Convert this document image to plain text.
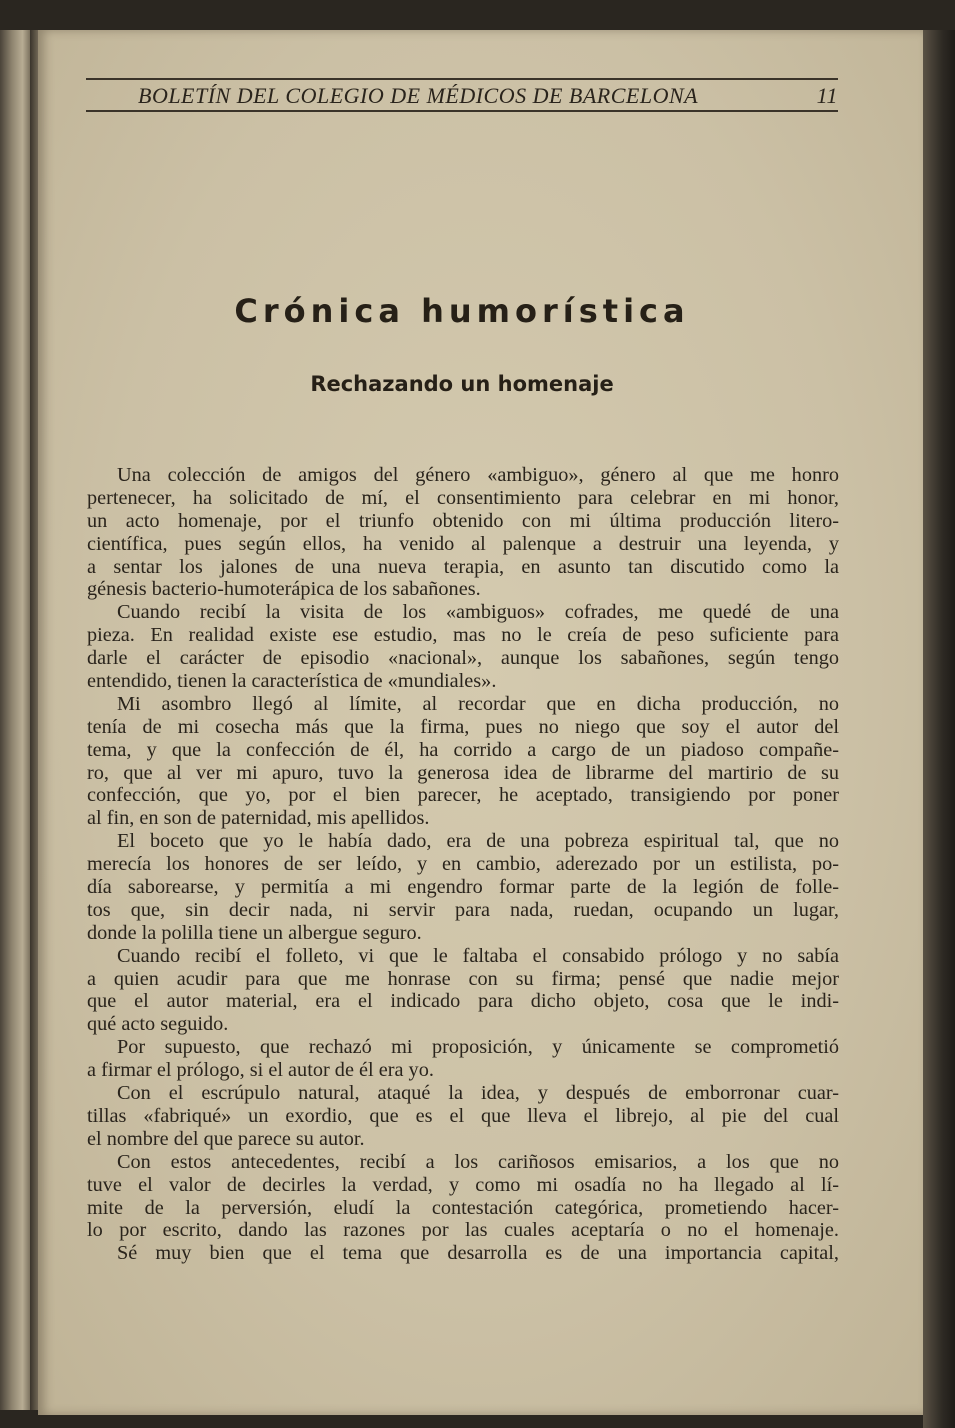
BOLETÍN DEL COLEGIO DE MÉDICOS DE BARCELONA	11
Crónica humorística
Rechazando un homenaje
Una colección de amigos del género «ambiguo», género al que me honro
pertenecer, ha solicitado de mí, el consentimiento para celebrar en mi honor,
un acto homenaje, por el triunfo obtenido con mi última producción litero-
científica, pues según ellos, ha venido al palenque a destruir una leyenda, y
a sentar los jalones de una nueva terapia, en asunto tan discutido como la
génesis bacterio-humoterápica de los sabañones.
Cuando recibí la visita de los «ambiguos» cofrades, me quedé de una
pieza. En realidad existe ese estudio, mas no le creía de peso suficiente para
darle el carácter de episodio «nacional», aunque los sabañones, según tengo
entendido, tienen la característica de «mundiales».
Mi asombro llegó al límite, al recordar que en dicha producción, no
tenía de mi cosecha más que la firma, pues no niego que soy el autor del
tema, y que la confección de él, ha corrido a cargo de un piadoso compañe-
ro, que al ver mi apuro, tuvo la generosa idea de librarme del martirio de su
confección, que yo, por el bien parecer, he aceptado, transigiendo por poner
al fin, en son de paternidad, mis apellidos.
El boceto que yo le había dado, era de una pobreza espiritual tal, que no
merecía los honores de ser leído, y en cambio, aderezado por un estilista, po-
día saborearse, y permitía a mi engendro formar parte de la legión de folle-
tos que, sin decir nada, ni servir para nada, ruedan, ocupando un lugar,
donde la polilla tiene un albergue seguro.
Cuando recibí el folleto, vi que le faltaba el consabido prólogo y no sabía
a quien acudir para que me honrase con su firma; pensé que nadie mejor
que el autor material, era el indicado para dicho objeto, cosa que le indi-
qué acto seguido.
Por supuesto, que rechazó mi proposición, y únicamente se comprometió
a firmar el prólogo, si el autor de él era yo.
Con el escrúpulo natural, ataqué la idea, y después de emborronar cuar-
tillas «fabriqué» un exordio, que es el que lleva el librejo, al pie del cual
el nombre del que parece su autor.
Con estos antecedentes, recibí a los cariñosos emisarios, a los que no
tuve el valor de decirles la verdad, y como mi osadía no ha llegado al lí-
mite de la perversión, eludí la contestación categórica, prometiendo hacer-
lo por escrito, dando las razones por las cuales aceptaría o no el homenaje.
Sé muy bien que el tema que desarrolla es de una importancia capital,
